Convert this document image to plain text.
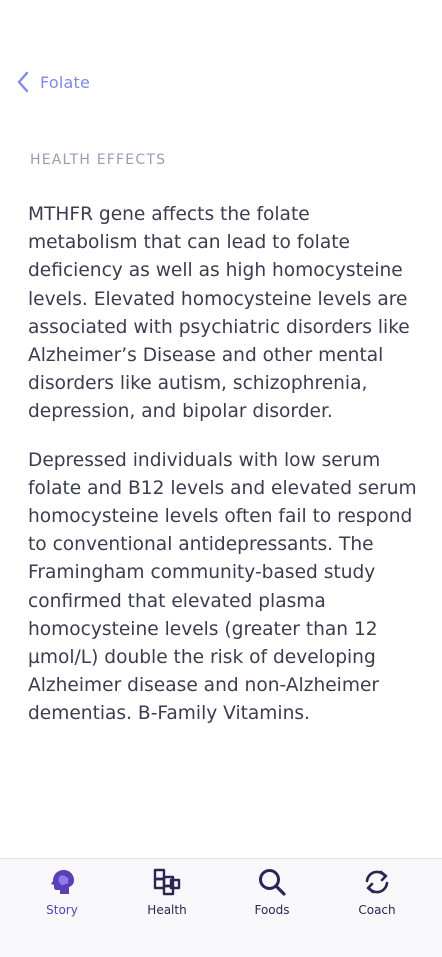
Folate
HEALTH EFFECTS

MTHFR gene affects the folate metabolism that can lead to folate deficiency as well as high homocysteine levels. Elevated homocysteine levels are associated with psychiatric disorders like Alzheimer’s Disease and other mental disorders like autism, schizophrenia, depression, and bipolar disorder.

Depressed individuals with low serum folate and B12 levels and elevated serum homocysteine levels often fail to respond to conventional antidepressants. The Framingham community-based study confirmed that elevated plasma homocysteine levels (greater than 12 µmol/L) double the risk of developing Alzheimer disease and non-Alzheimer dementias. B-Family Vitamins.

Story	Health	Foods	Coach
